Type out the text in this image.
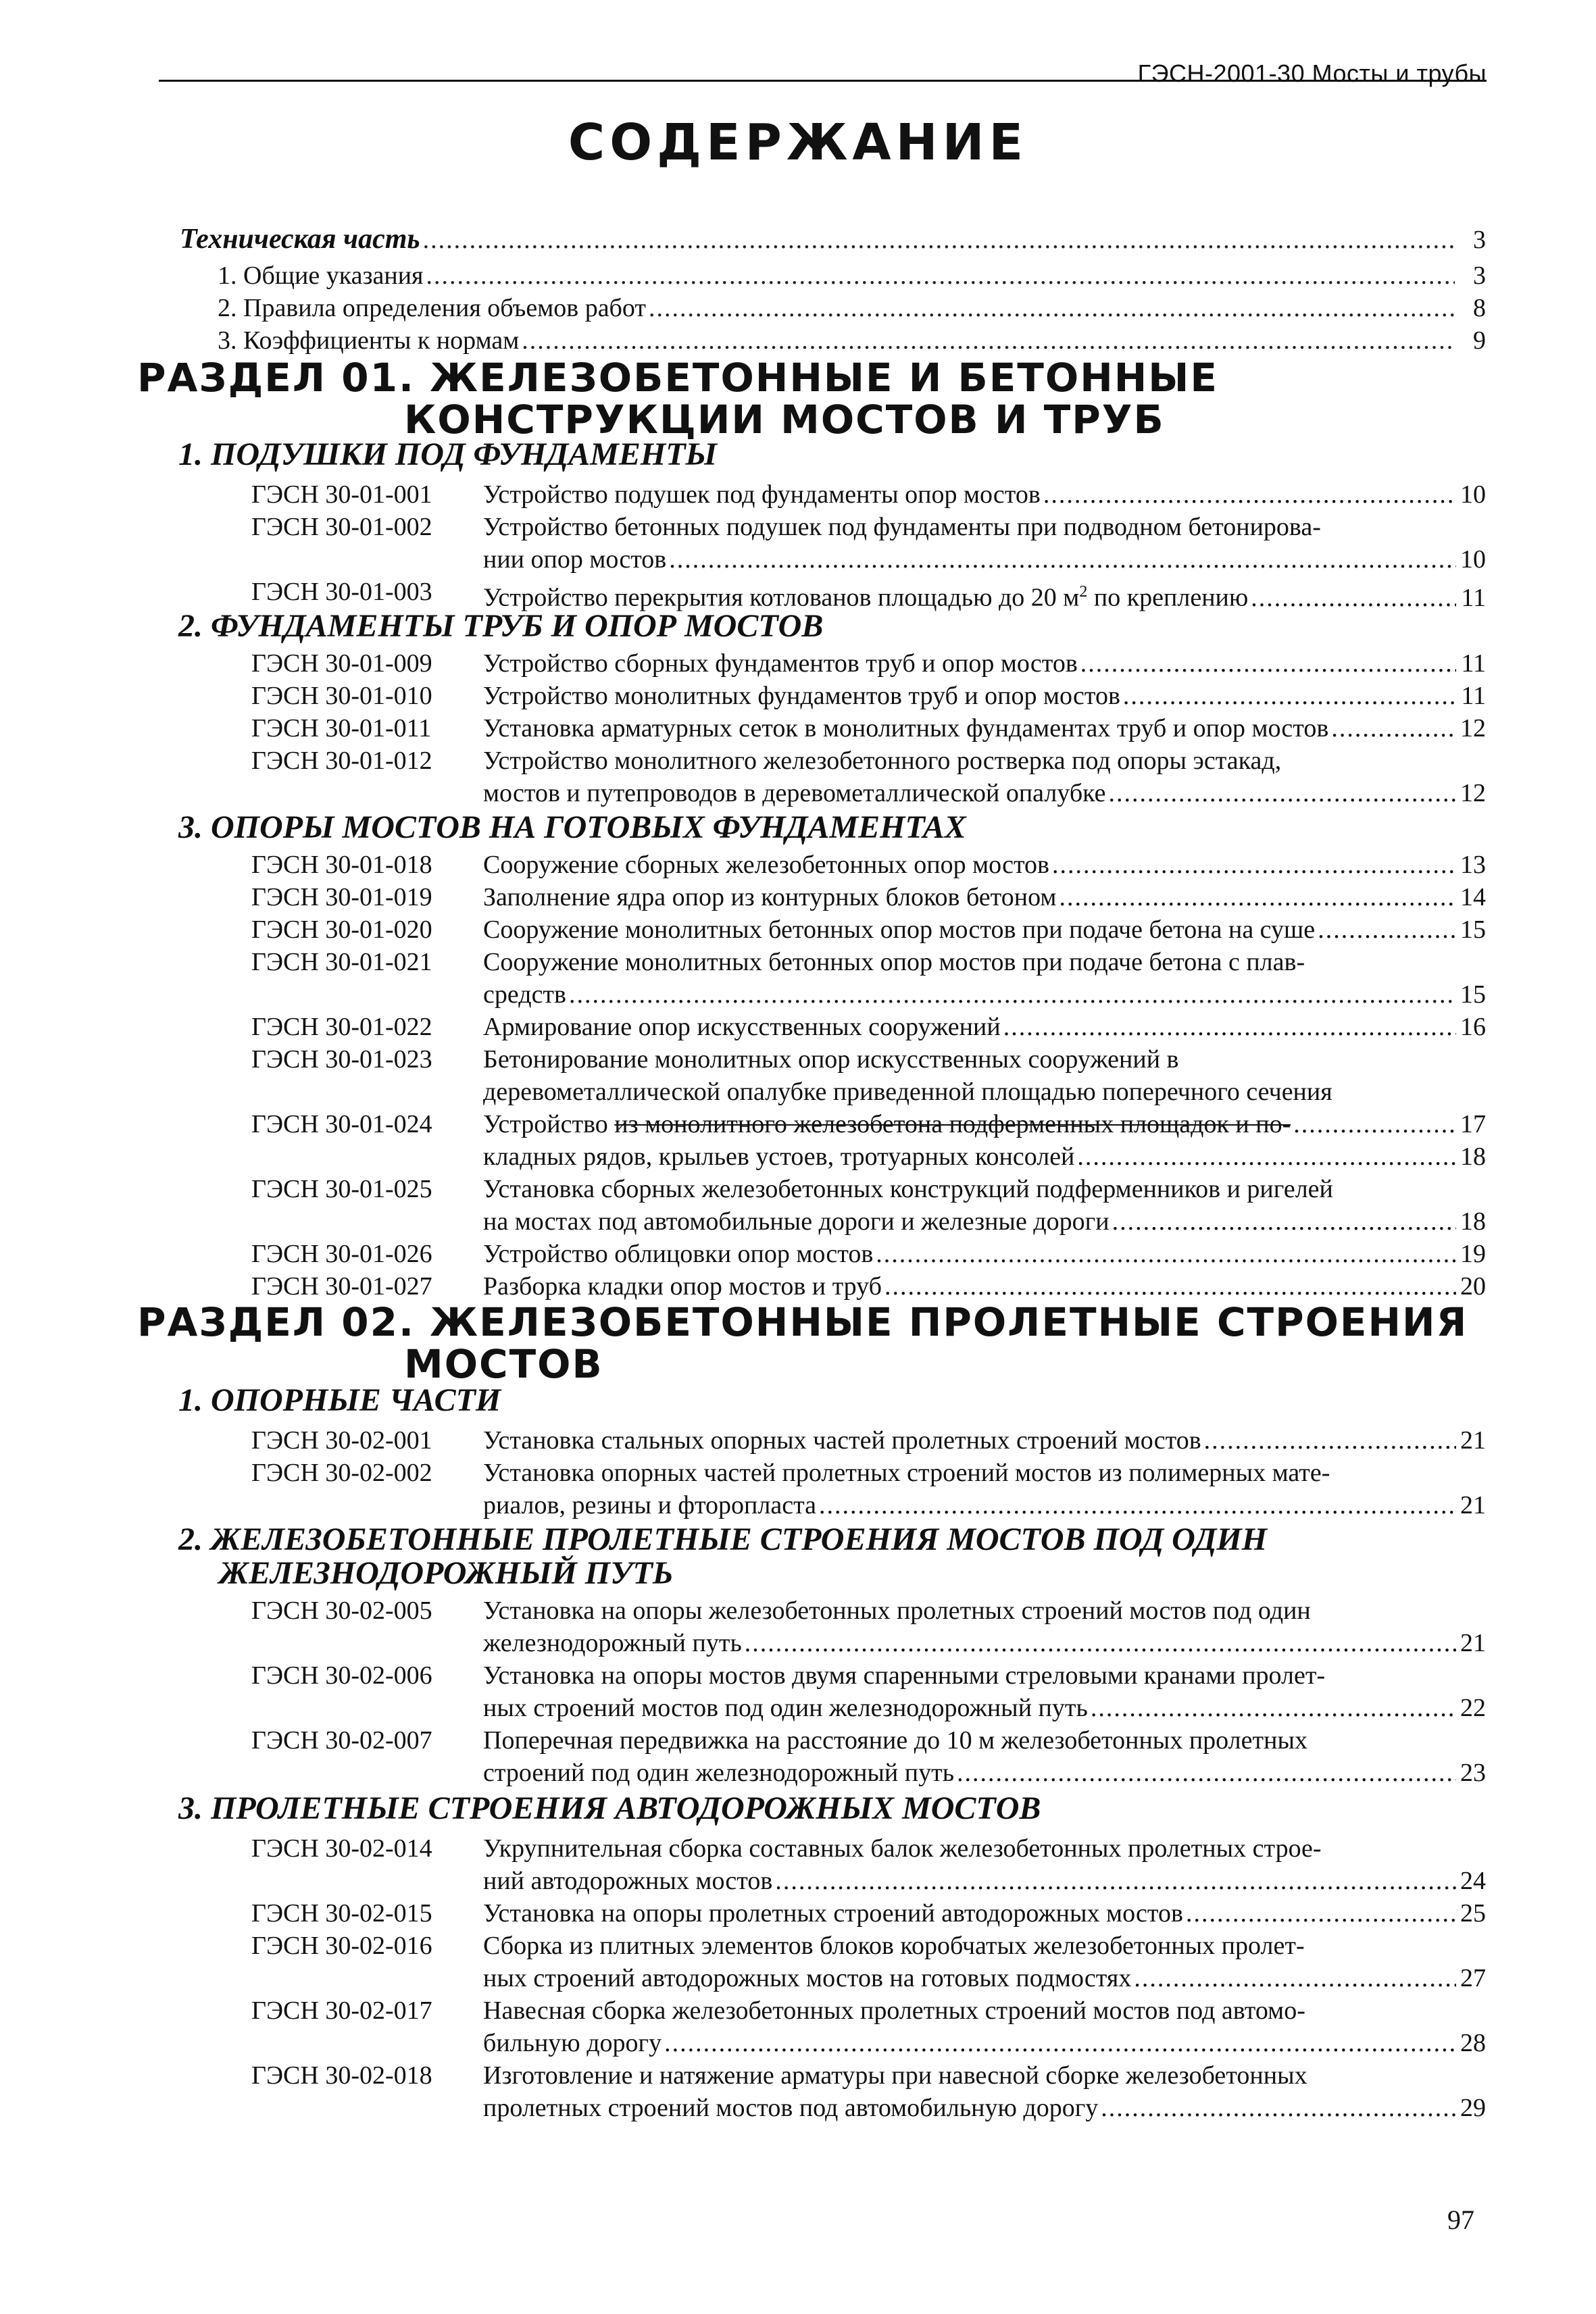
ГЭСН-2001-30 Мосты и трубы
СОДЕРЖАНИЕ
Техническая часть .....	3
1. Общие указания .....	3
2. Правила определения объемов работ .....	8
3. Коэффициенты к нормам .....	9
РАЗДЕЛ 01. ЖЕЛЕЗОБЕТОННЫЕ И БЕТОННЫЕ
КОНСТРУКЦИИ МОСТОВ И ТРУБ
1. ПОДУШКИ ПОД ФУНДАМЕНТЫ
ГЭСН 30-01-001	Устройство подушек под фундаменты опор мостов .....	10
ГЭСН 30-01-002	Устройство бетонных подушек под фундаменты при подводном бетонирова-
нии опор мостов .....	10
ГЭСН 30-01-003	Устройство перекрытия котлованов площадью до 20 $м^2$ по креплению .....	11
2. ФУНДАМЕНТЫ ТРУБ И ОПОР МОСТОВ
ГЭСН 30-01-009	Устройство сборных фундаментов труб и опор мостов .....	11
ГЭСН 30-01-010	Устройство монолитных фундаментов труб и опор мостов .....	11
ГЭСН 30-01-011	Установка арматурных сеток в монолитных фундаментах труб и опор мостов .....	12
ГЭСН 30-01-012	Устройство монолитного железобетонного ростверка под опоры эстакад,
мостов и путепроводов в деревометаллической опалубке .....	12
3. ОПОРЫ МОСТОВ НА ГОТОВЫХ ФУНДАМЕНТАХ
ГЭСН 30-01-018	Сооружение сборных железобетонных опор мостов .....	13
ГЭСН 30-01-019	Заполнение ядра опор из контурных блоков бетоном .....	14
ГЭСН 30-01-020	Сооружение монолитных бетонных опор мостов при подаче бетона на суше .....	15
ГЭСН 30-01-021	Сооружение монолитных бетонных опор мостов при подаче бетона с плав-
средств .....	15
ГЭСН 30-01-022	Армирование опор искусственных сооружений .....	16
ГЭСН 30-01-023	Бетонирование монолитных опор искусственных сооружений в
деревометаллической опалубке приведенной площадью поперечного сечения
ГЭСН 30-01-024	Устройство из монолитного железобетона подферменных площадок и по- .....	17
кладных рядов, крыльев устоев, тротуарных консолей .....	18
ГЭСН 30-01-025	Установка сборных железобетонных конструкций подферменников и ригелей
на мостах под автомобильные дороги и железные дороги .....	18
ГЭСН 30-01-026	Устройство облицовки опор мостов .....	19
ГЭСН 30-01-027	Разборка кладки опор мостов и труб .....	20
РАЗДЕЛ 02. ЖЕЛЕЗОБЕТОННЫЕ ПРОЛЕТНЫЕ СТРОЕНИЯ
МОСТОВ
1. ОПОРНЫЕ ЧАСТИ
ГЭСН 30-02-001	Установка стальных опорных частей пролетных строений мостов .....	21
ГЭСН 30-02-002	Установка опорных частей пролетных строений мостов из полимерных мате-
риалов, резины и фторопласта .....	21
2. ЖЕЛЕЗОБЕТОННЫЕ ПРОЛЕТНЫЕ СТРОЕНИЯ МОСТОВ ПОД ОДИН
ЖЕЛЕЗНОДОРОЖНЫЙ ПУТЬ
ГЭСН 30-02-005	Установка на опоры железобетонных пролетных строений мостов под один
железнодорожный путь .....	21
ГЭСН 30-02-006	Установка на опоры мостов двумя спаренными стреловыми кранами пролет-
ных строений мостов под один железнодорожный путь .....	22
ГЭСН 30-02-007	Поперечная передвижка на расстояние до 10 м железобетонных пролетных
строений под один железнодорожный путь .....	23
3. ПРОЛЕТНЫЕ СТРОЕНИЯ АВТОДОРОЖНЫХ МОСТОВ
ГЭСН 30-02-014	Укрупнительная сборка составных балок железобетонных пролетных строе-
ний автодорожных мостов .....	24
ГЭСН 30-02-015	Установка на опоры пролетных строений автодорожных мостов .....	25
ГЭСН 30-02-016	Сборка из плитных элементов блоков коробчатых железобетонных пролет-
ных строений автодорожных мостов на готовых подмостях .....	27
ГЭСН 30-02-017	Навесная сборка железобетонных пролетных строений мостов под автомо-
бильную дорогу .....	28
ГЭСН 30-02-018	Изготовление и натяжение арматуры при навесной сборке железобетонных
пролетных строений мостов под автомобильную дорогу .....	29
97
